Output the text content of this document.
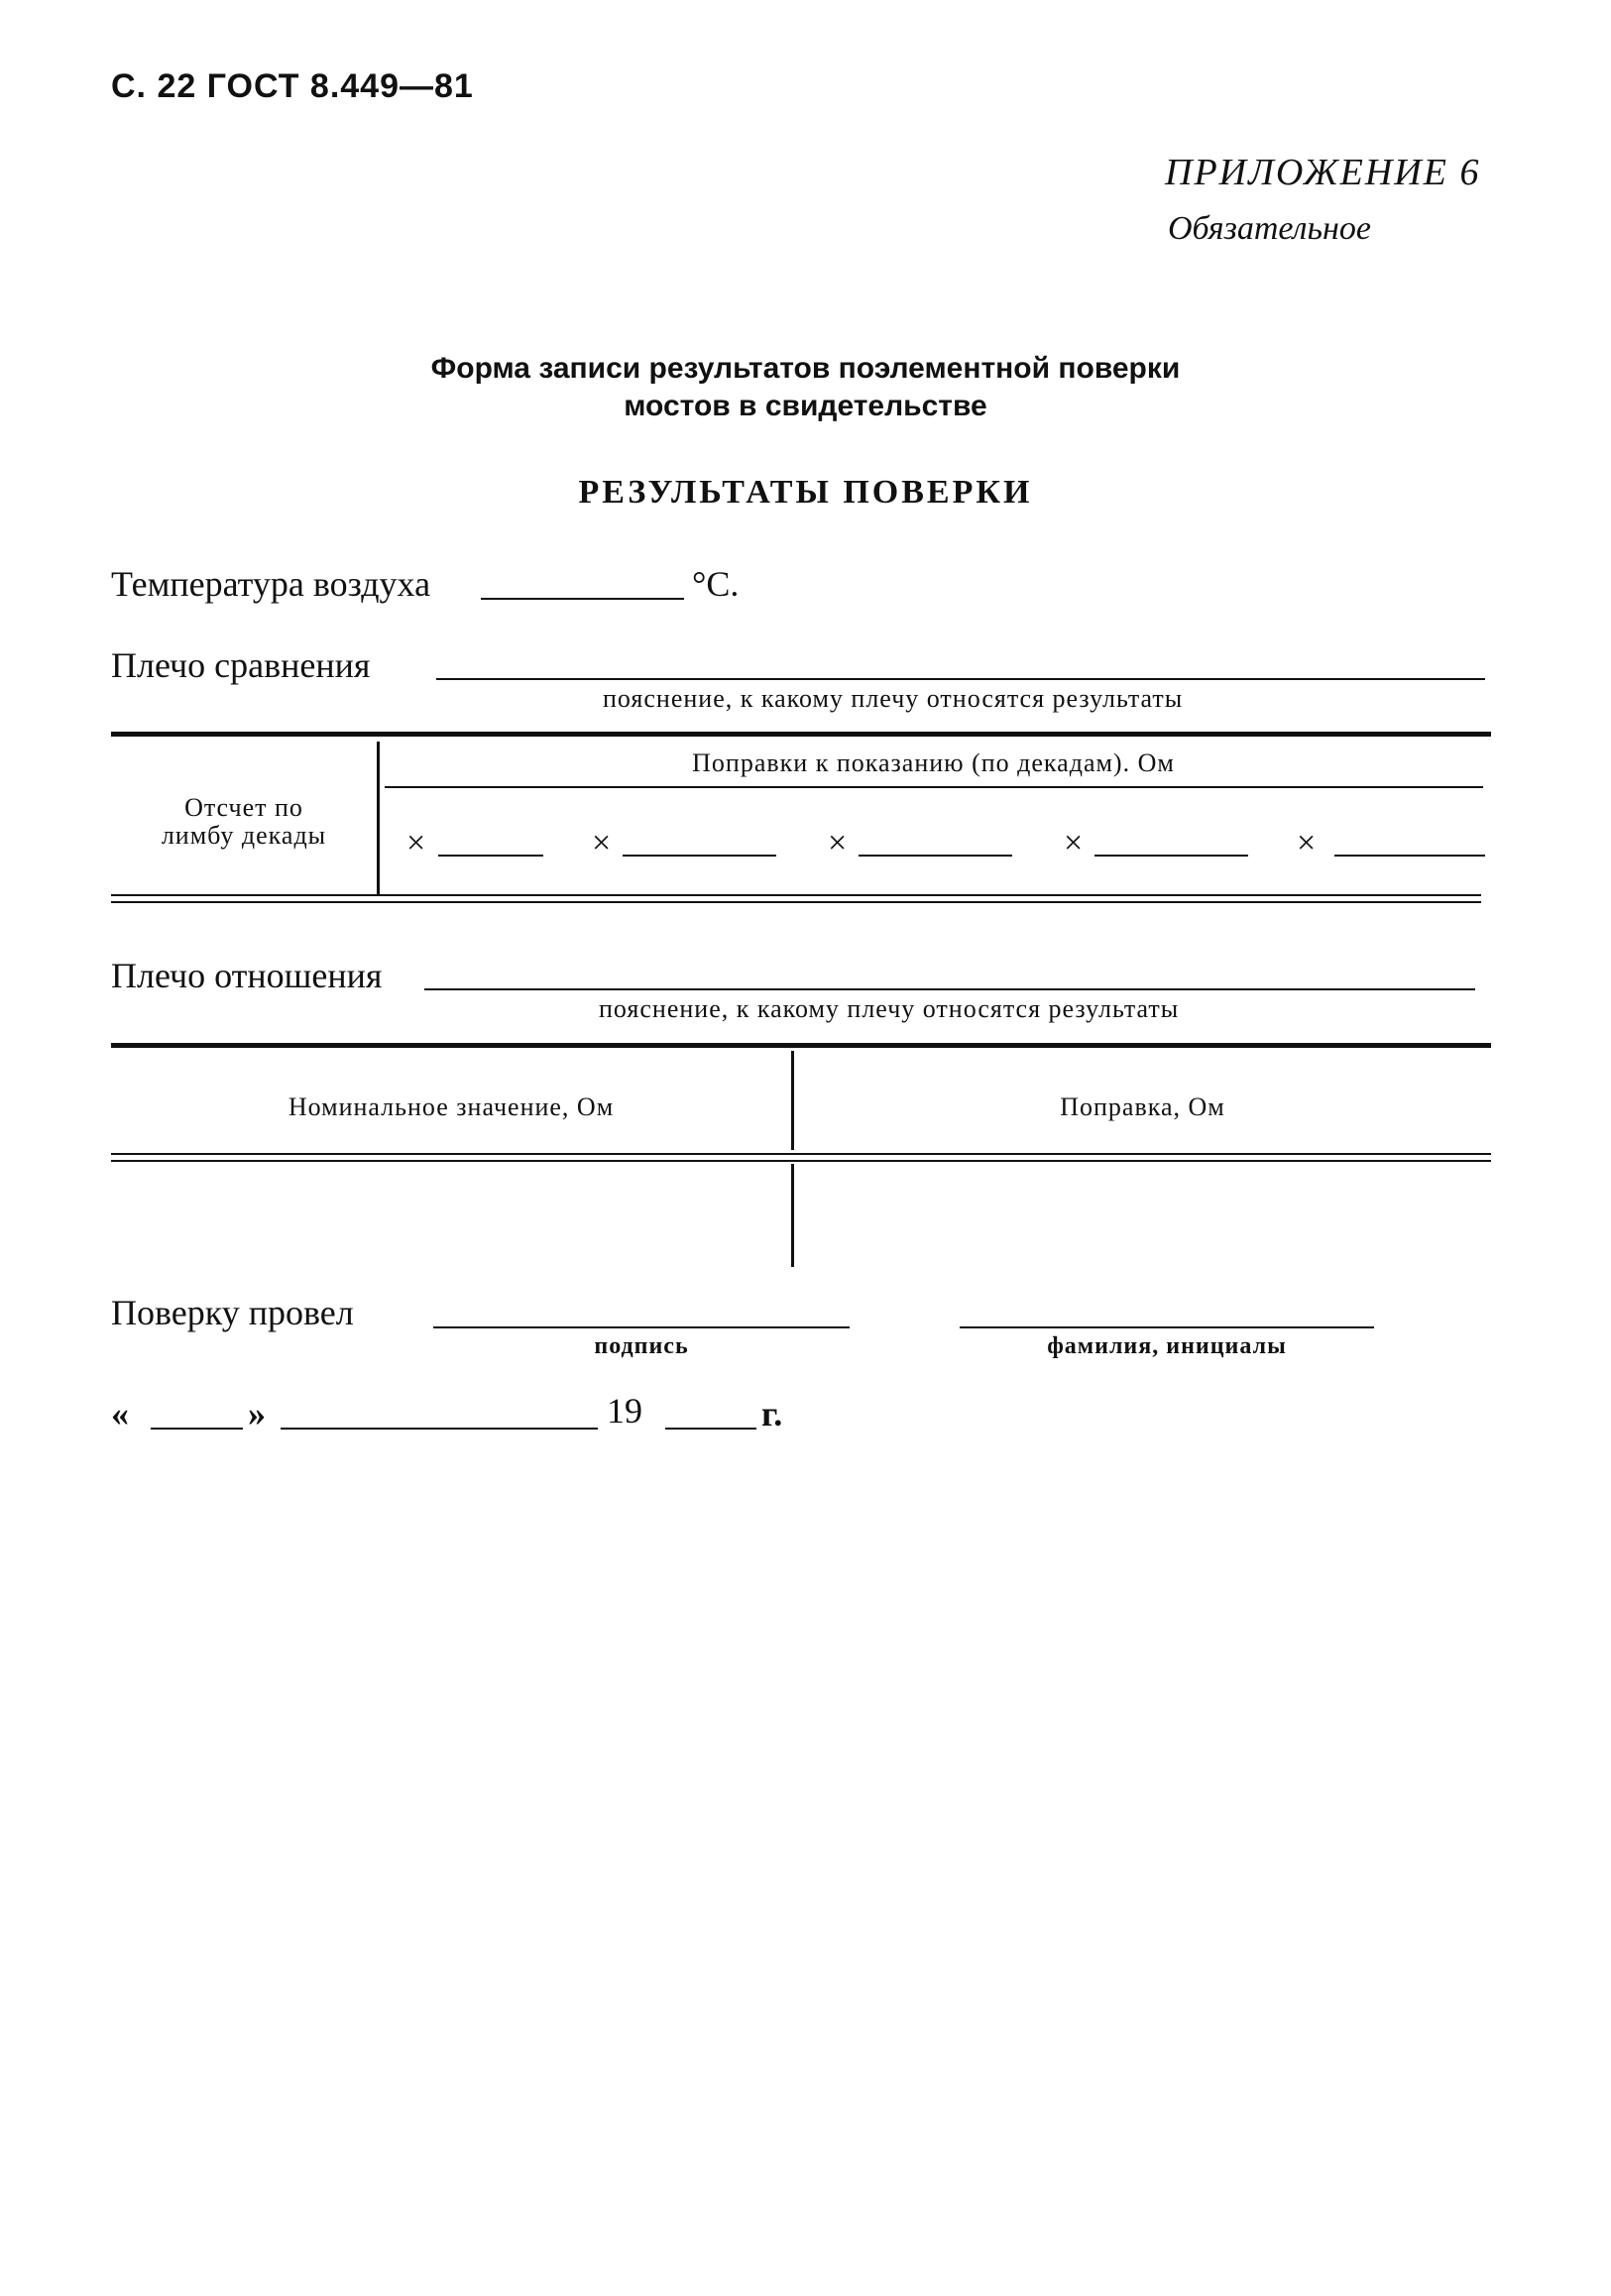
С. 22 ГОСТ 8.449—81
ПРИЛОЖЕНИЕ 6
Обязательное
Форма записи результатов поэлементной поверки
мостов в свидетельстве
РЕЗУЛЬТАТЫ ПОВЕРКИ
Температура воздуха	°С.
Плечо сравнения
пояснение, к какому плечу относятся результаты
Отсчет по
лимбу декады
Поправки к показанию (по декадам). Ом
×	×	×	×	×
Плечо отношения
пояснение, к какому плечу относятся результаты
Номинальное значение, Ом	Поправка, Ом
Поверку провел
подпись	фамилия, инициалы
«	»	19	г.
